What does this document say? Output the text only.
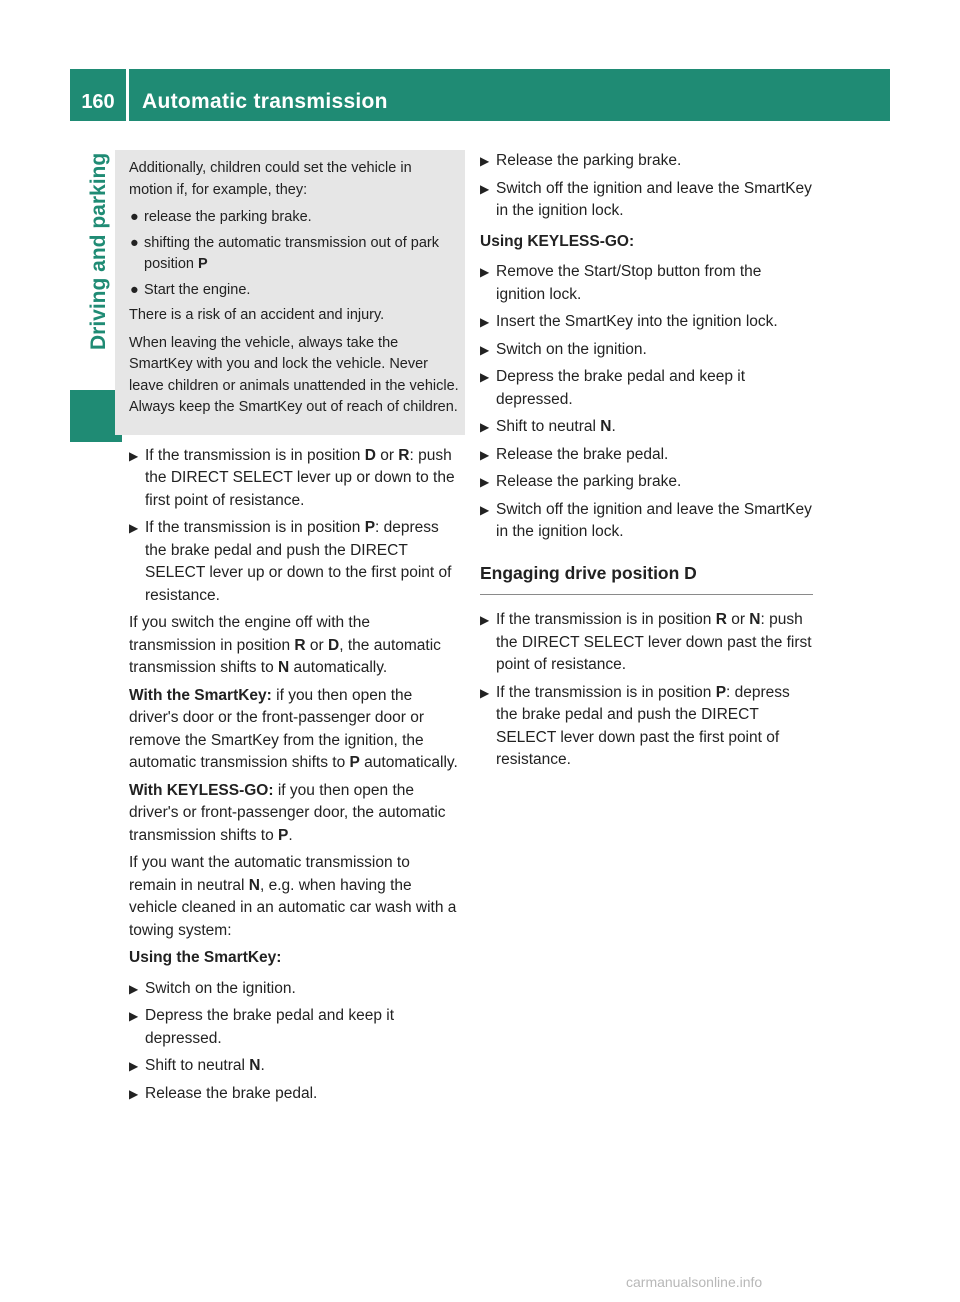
160	Automatic transmission
Driving and parking Additionally, children could set the vehicle in motion if, for example, they:

● release the parking brake.
● shifting the automatic transmission out of park position P
● Start the engine.

There is a risk of an accident and injury.

When leaving the vehicle, always take the SmartKey with you and lock the vehicle. Never leave children or animals unattended in the vehicle. Always keep the SmartKey out of reach of children.

▶ If the transmission is in position D or R: push the DIRECT SELECT lever up or down to the first point of resistance.
▶ If the transmission is in position P: depress the brake pedal and push the DIRECT SELECT lever up or down to the first point of resistance.

If you switch the engine off with the transmission in position R or D, the automatic transmission shifts to N automatically.

With the SmartKey: if you then open the driver's door or the front-passenger door or remove the SmartKey from the ignition, the automatic transmission shifts to P automatically.

With KEYLESS-GO: if you then open the driver's or front-passenger door, the automatic transmission shifts to P.

If you want the automatic transmission to remain in neutral N, e.g. when having the vehicle cleaned in an automatic car wash with a towing system:

Using the SmartKey:

▶ Switch on the ignition.
▶ Depress the brake pedal and keep it depressed.
▶ Shift to neutral N.
▶ Release the brake pedal.
▶ Release the parking brake.
▶ Switch off the ignition and leave the SmartKey in the ignition lock.

Using KEYLESS-GO:

▶ Remove the Start/Stop button from the ignition lock.
▶ Insert the SmartKey into the ignition lock.
▶ Switch on the ignition.
▶ Depress the brake pedal and keep it depressed.
▶ Shift to neutral N.
▶ Release the brake pedal.
▶ Release the parking brake.
▶ Switch off the ignition and leave the SmartKey in the ignition lock.
Engaging drive position D
▶ If the transmission is in position R or N: push the DIRECT SELECT lever down past the first point of resistance.
▶ If the transmission is in position P: depress the brake pedal and push the DIRECT SELECT lever down past the first point of resistance.
carmanualsonline.info
